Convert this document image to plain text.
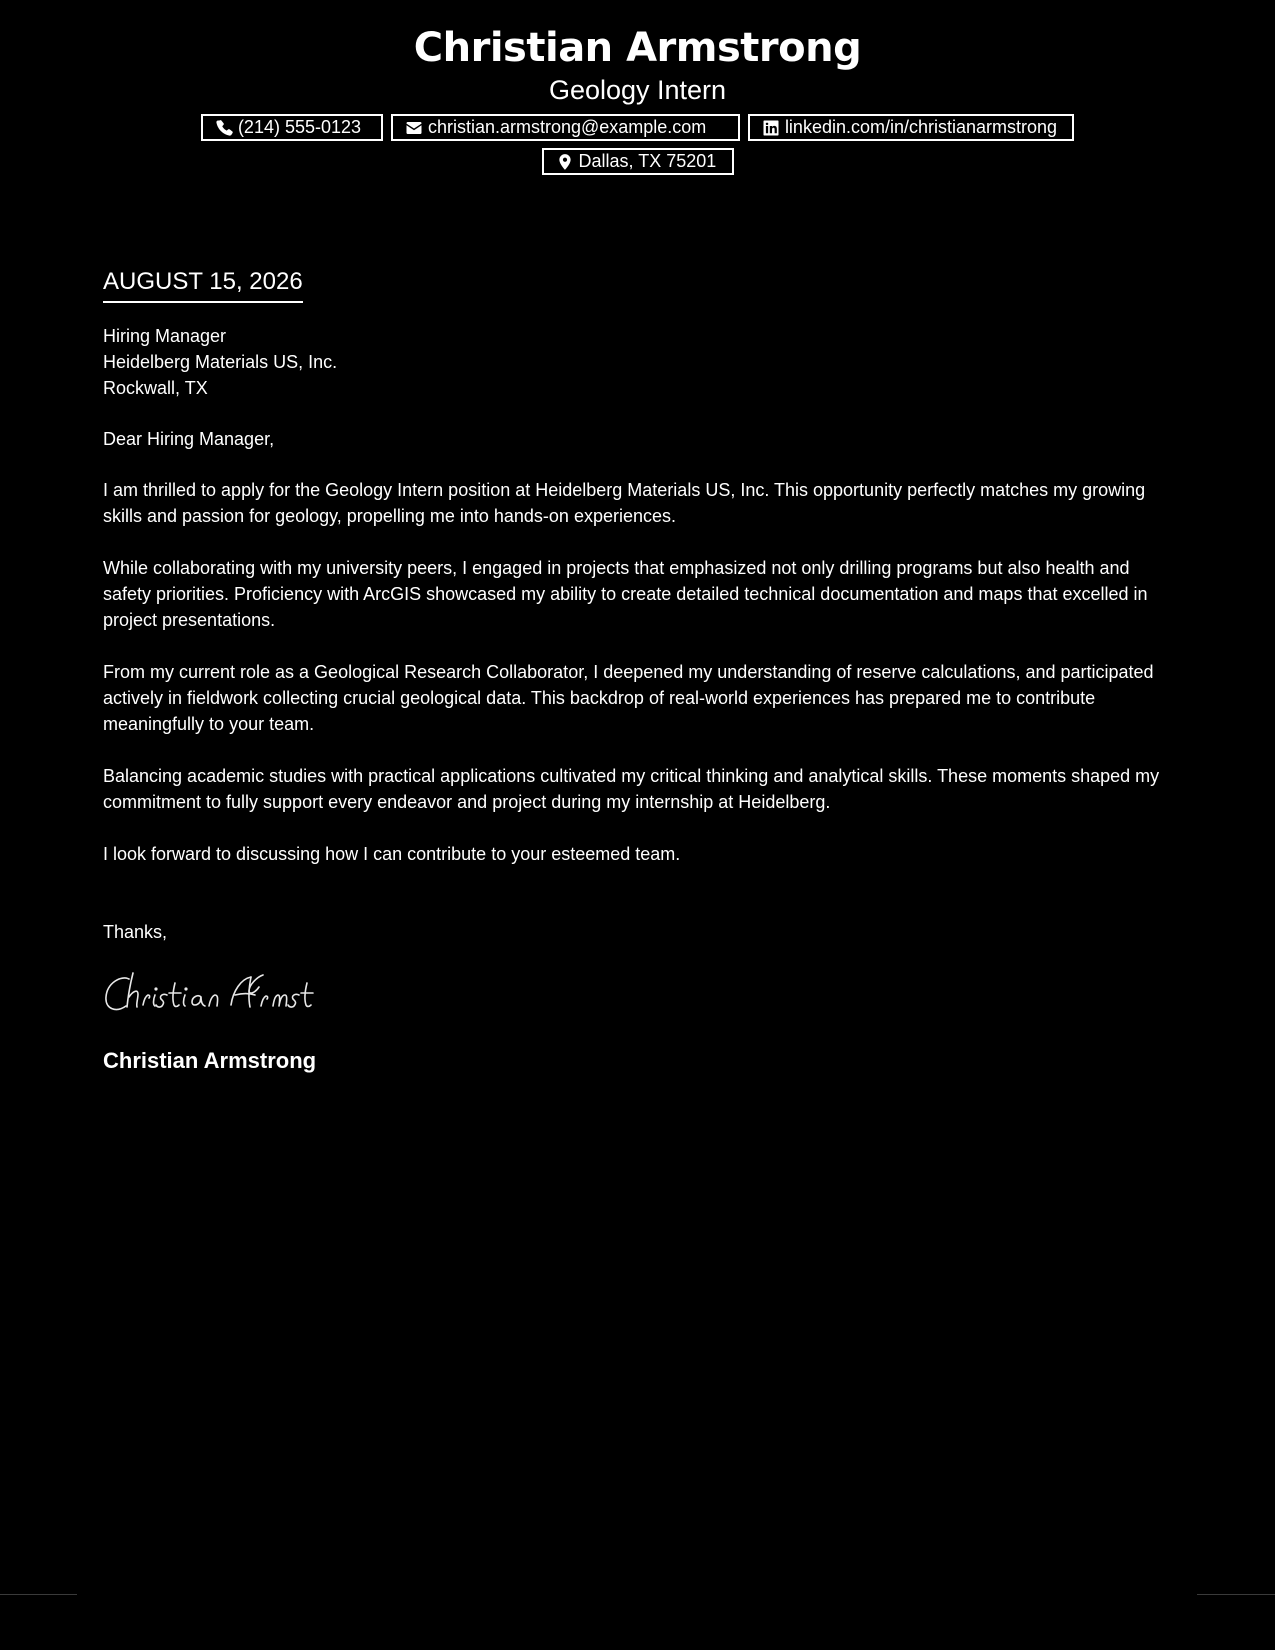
Christian Armstrong
Geology Intern
(214) 555-0123	christian.armstrong@example.com	linkedin.com/in/christianarmstrong
Dallas, TX 75201
AUGUST 15, 2026

Hiring Manager

Heidelberg Materials US, Inc.

Rockwall, TX

Dear Hiring Manager,

I am thrilled to apply for the Geology Intern position at Heidelberg Materials US, Inc. This opportunity perfectly matches my growing skills and passion for geology, propelling me into hands-on experiences.

While collaborating with my university peers, I engaged in projects that emphasized not only drilling programs but also health and safety priorities. Proficiency with ArcGIS showcased my ability to create detailed technical documentation and maps that excelled in project presentations.

From my current role as a Geological Research Collaborator, I deepened my understanding of reserve calculations, and participated actively in fieldwork collecting crucial geological data. This backdrop of real-world experiences has prepared me to contribute meaningfully to your team.

Balancing academic studies with practical applications cultivated my critical thinking and analytical skills. These moments shaped my commitment to fully support every endeavor and project during my internship at Heidelberg.

I look forward to discussing how I can contribute to your esteemed team.

Thanks,

Christian Armstrong
